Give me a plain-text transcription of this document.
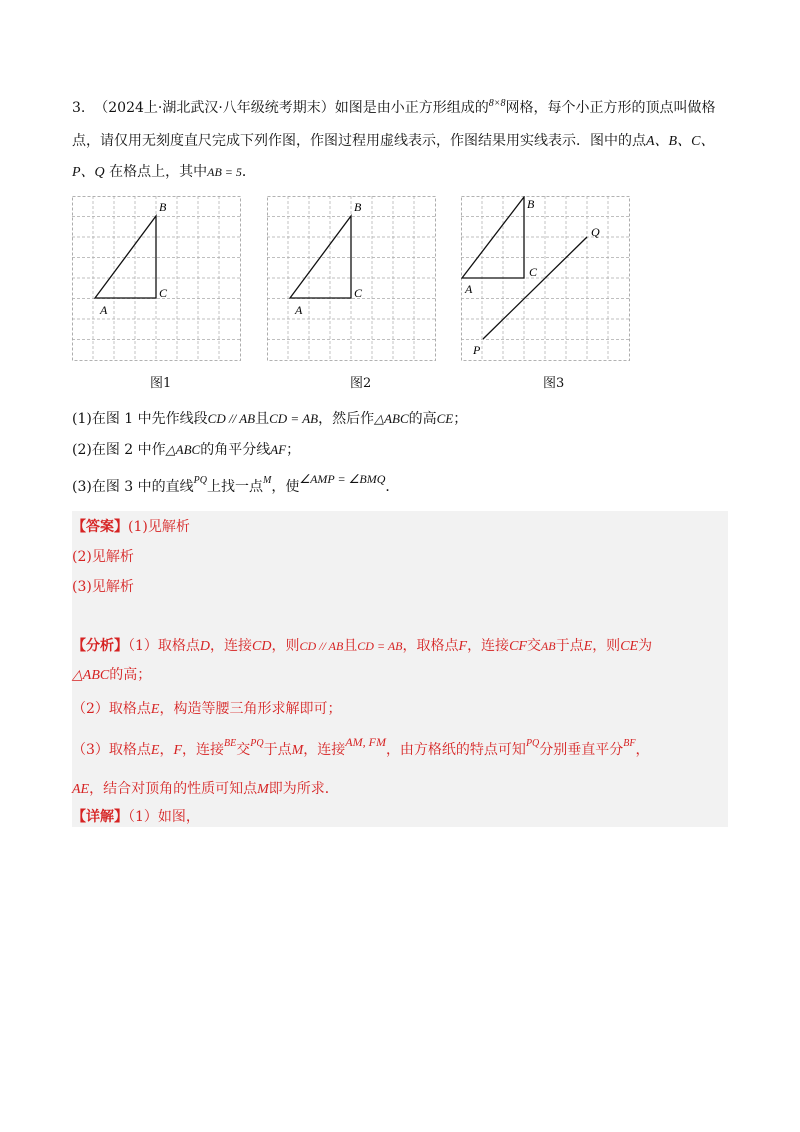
3. （2024上·湖北武汉·八年级统考期末）如图是由小正方形组成的$^{8\times 8}$网格，每个小正方形的顶点叫做格
点，请仅用无刻度直尺完成下列作图，作图过程用虚线表示，作图结果用实线表示．图中的点A、B、C、
P、Q 在格点上，其中AB = 5．
A
B
C
图1
A
B
C
图2
A
B
C
P
Q
图3
(1)在图 1 中先作线段CD // AB且CD = AB，然后作△ABC的高CE；
(2)在图 2 中作△ABC的角平分线AF；
(3)在图 3 中的直线$^{PQ}$上找一点$^M$，使∠AMP = ∠BMQ．
【答案】(1)见解析
(2)见解析
(3)见解析
【分析】（1）取格点D，连接CD，则CD // AB且CD = AB，取格点F，连接CF交AB于点E，则CE为
△ABC的高；
（2）取格点E，构造等腰三角形求解即可；
（3）取格点E，F，连接$^{BE}$交$^{PQ}$于点M，连接AM, FM，由方格纸的特点可知$^{PQ}$分别垂直平分$^{BF}$，
AE，结合对顶角的性质可知点M即为所求．
【详解】（1）如图，
